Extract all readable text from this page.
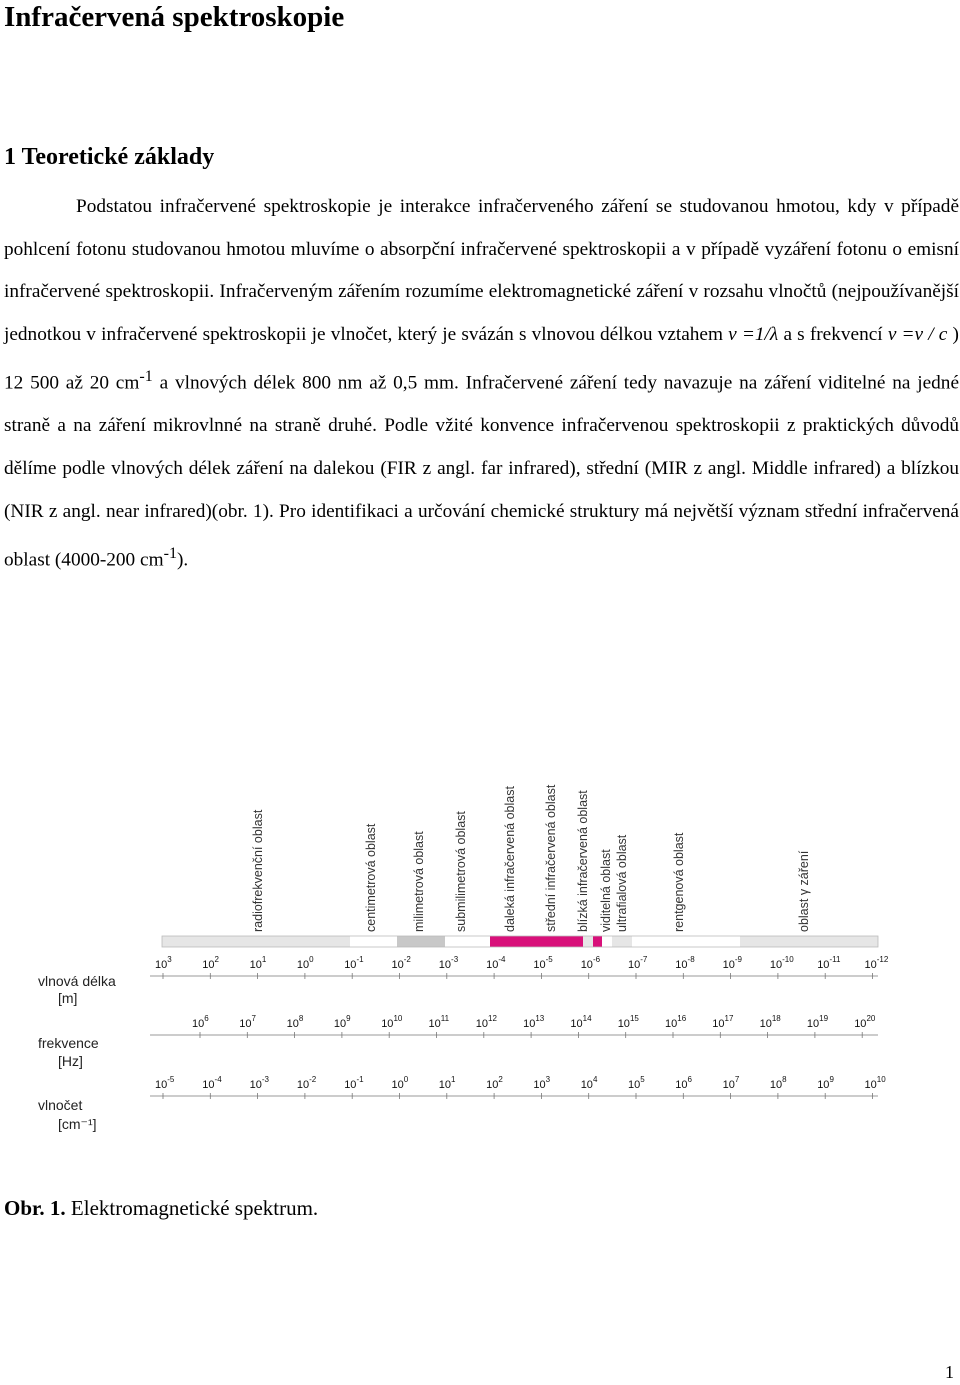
Infračervená spektroskopie
1 Teoretické základy

Podstatou infračervené spektroskopie je interakce infračerveného záření se studovanou hmotou, kdy v případě pohlcení fotonu studovanou hmotou mluvíme o absorpční infračervené spektroskopii a v případě vyzáření fotonu o emisní infračervené spektroskopii. Infračerveným zářením rozumíme elektromagnetické záření v rozsahu vlnočtů (nejpoužívanější jednotkou v infračervené spektroskopii je vlnočet, který je svázán s vlnovou délkou vztahem ν =1/λ a s frekvencí ν =ν / c ) 12 500 až 20 $cm^{-1}$ a vlnových délek 800 nm až 0,5 mm. Infračervené záření tedy navazuje na záření viditelné na jedné straně a na záření mikrovlnné na straně druhé. Podle vžité konvence infračervenou spektroskopii z praktických důvodů dělíme podle vlnových délek záření na dalekou (FIR z angl. far infrared), střední (MIR z angl. Middle infrared) a blízkou (NIR z angl. near infrared)(obr. 1). Pro identifikaci a určování chemické struktury má největší význam střední infračervená oblast (4000-200 $cm^{-1}$).

radiofrekvenční oblast	centimetrová oblast	milimetrová oblast submilimetrová oblast	daleká infračervená oblast střední infračervená oblast blízká infračervená oblast viditelná oblast ultrafialová oblast	rentgenová oblast	oblast γ záření
$10^3$	$10^2$	$10^1$	$10^0$	$10^{-1}$	$10^{-2}$	$10^{-3}$	$10^{-4}$	$10^{-5}$	$10^{-6}$	$10^{-7}$	$10^{-8}$	$10^{-9}$	$10^{-10}$ $10^{-11}$ $10^{-12}$
vlnová délka
[m]
$10^6$	$10^7$	$10^8$	$10^9$	$10^{10}$ $10^{11}$ $10^{12}$ $10^{13}$ $10^{14}$ $10^{15}$ $10^{16}$ $10^{17}$ $10^{18}$ $10^{19}$ $10^{20}$
frekvence
[Hz]
$10^{-5}$	$10^{-4}$	$10^{-3}$	$10^{-2}$	$10^{-1}$	$10^0$	$10^1$	$10^2$	$10^3$	$10^4$	$10^5$	$10^6$	$10^7$	$10^8$	$10^9$	$10^{10}$
vlnočet
[cm⁻¹]

Obr. 1. Elektromagnetické spektrum.

1
